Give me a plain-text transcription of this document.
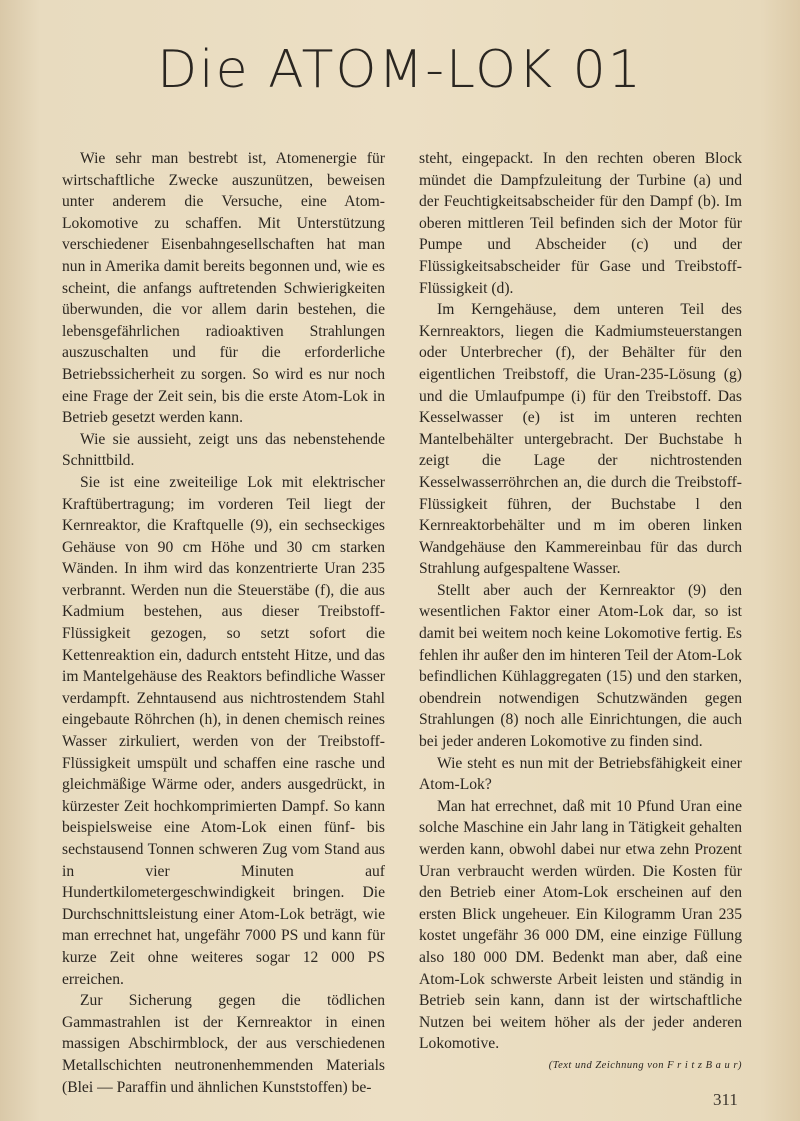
Die ATOM-LOK 01

Wie sehr man bestrebt ist, Atomenergie für wirtschaftliche Zwecke auszunützen, beweisen unter anderem die Versuche, eine Atom-Lokomotive zu schaffen. Mit Unterstützung verschiedener Eisenbahngesellschaften hat man nun in Amerika damit bereits begonnen und, wie es scheint, die anfangs auftretenden Schwierigkeiten überwunden, die vor allem darin bestehen, die lebensgefährlichen radioaktiven Strahlungen auszuschalten und für die erforderliche Betriebssicherheit zu sorgen. So wird es nur noch eine Frage der Zeit sein, bis die erste Atom-Lok in Betrieb gesetzt werden kann.

Wie sie aussieht, zeigt uns das nebenstehende Schnittbild.

Sie ist eine zweiteilige Lok mit elektrischer Kraftübertragung; im vorderen Teil liegt der Kernreaktor, die Kraftquelle (9), ein sechseckiges Gehäuse von 90 cm Höhe und 30 cm starken Wänden. In ihm wird das konzentrierte Uran 235 verbrannt. Werden nun die Steuerstäbe (f), die aus Kadmium bestehen, aus dieser Treibstoff-Flüssigkeit gezogen, so setzt sofort die Kettenreaktion ein, dadurch entsteht Hitze, und das im Mantelgehäuse des Reaktors befindliche Wasser verdampft. Zehntausend aus nichtrostendem Stahl eingebaute Röhrchen (h), in denen chemisch reines Wasser zirkuliert, werden von der Treibstoff-Flüssigkeit umspült und schaffen eine rasche und gleichmäßige Wärme oder, anders ausgedrückt, in kürzester Zeit hochkomprimierten Dampf. So kann beispielsweise eine Atom-Lok einen fünf- bis sechstausend Tonnen schweren Zug vom Stand aus in vier Minuten auf Hundertkilometergeschwindigkeit bringen. Die Durchschnittsleistung einer Atom-Lok beträgt, wie man errechnet hat, ungefähr 7000 PS und kann für kurze Zeit ohne weiteres sogar 12 000 PS erreichen.

Zur Sicherung gegen die tödlichen Gammastrahlen ist der Kernreaktor in einen massigen Abschirmblock, der aus verschiedenen Metallschichten neutronenhemmenden Materials (Blei — Paraffin und ähnlichen Kunststoffen) be-

steht, eingepackt. In den rechten oberen Block mündet die Dampfzuleitung der Turbine (a) und der Feuchtigkeitsabscheider für den Dampf (b). Im oberen mittleren Teil befinden sich der Motor für Pumpe und Abscheider (c) und der Flüssigkeitsabscheider für Gase und Treibstoff-Flüssigkeit (d).

Im Kerngehäuse, dem unteren Teil des Kernreaktors, liegen die Kadmiumsteuerstangen oder Unterbrecher (f), der Behälter für den eigentlichen Treibstoff, die Uran-235-Lösung (g) und die Umlaufpumpe (i) für den Treibstoff. Das Kesselwasser (e) ist im unteren rechten Mantelbehälter untergebracht. Der Buchstabe h zeigt die Lage der nichtrostenden Kesselwasserröhrchen an, die durch die Treibstoff-Flüssigkeit führen, der Buchstabe l den Kernreaktorbehälter und m im oberen linken Wandgehäuse den Kammereinbau für das durch Strahlung aufgespaltene Wasser.

Stellt aber auch der Kernreaktor (9) den wesentlichen Faktor einer Atom-Lok dar, so ist damit bei weitem noch keine Lokomotive fertig. Es fehlen ihr außer den im hinteren Teil der Atom-Lok befindlichen Kühlaggregaten (15) und den starken, obendrein notwendigen Schutzwänden gegen Strahlungen (8) noch alle Einrichtungen, die auch bei jeder anderen Lokomotive zu finden sind.

Wie steht es nun mit der Betriebsfähigkeit einer Atom-Lok?

Man hat errechnet, daß mit 10 Pfund Uran eine solche Maschine ein Jahr lang in Tätigkeit gehalten werden kann, obwohl dabei nur etwa zehn Prozent Uran verbraucht werden würden. Die Kosten für den Betrieb einer Atom-Lok erscheinen auf den ersten Blick ungeheuer. Ein Kilogramm Uran 235 kostet ungefähr 36 000 DM, eine einzige Füllung also 180 000 DM. Bedenkt man aber, daß eine Atom-Lok schwerste Arbeit leisten und ständig in Betrieb sein kann, dann ist der wirtschaftliche Nutzen bei weitem höher als der jeder anderen Lokomotive.

(Text und Zeichnung von F r i t z B a u r)

311
